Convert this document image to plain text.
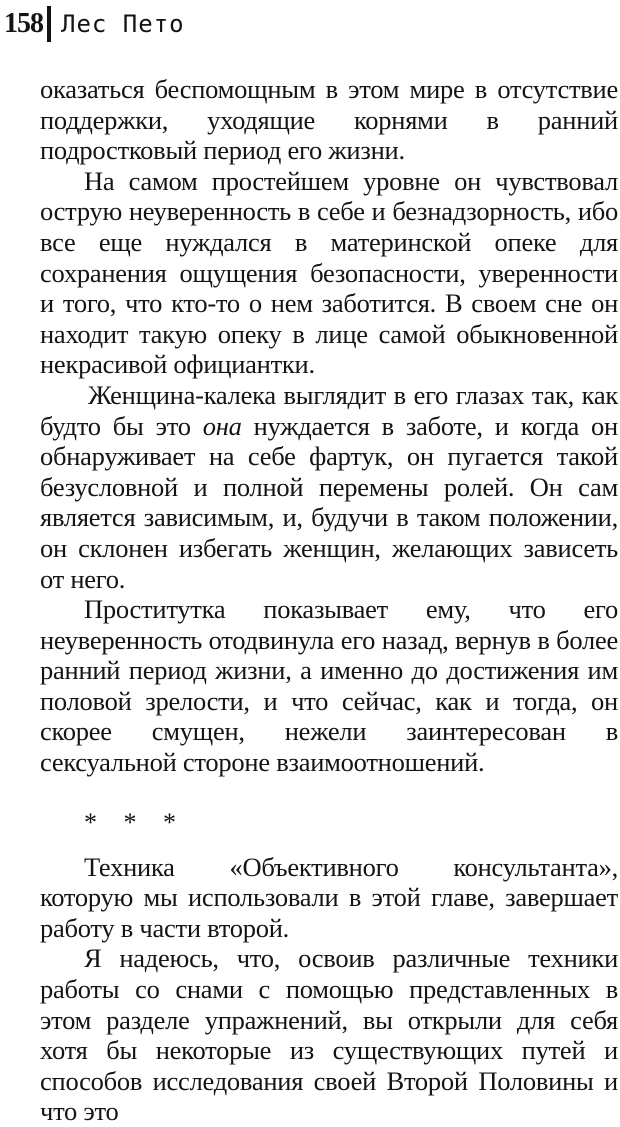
158 Лес Пето

оказаться беспомощным в этом мире в отсутствие поддержки, уходящие корнями в ранний подростковый период его жизни.

На самом простейшем уровне он чувствовал острую неуверенность в себе и безнадзорность, ибо все еще нуждался в материнской опеке для сохранения ощущения безопасности, уверенности и того, что кто-то о нем заботится. В своем сне он находит такую опеку в лице самой обыкновенной некрасивой официантки.

Женщина-калека выглядит в его глазах так, как будто бы это она нуждается в заботе, и когда он обнаруживает на себе фартук, он пугается такой безусловной и полной перемены ролей. Он сам является зависимым, и, будучи в таком положении, он склонен избегать женщин, желающих зависеть от него.

Проститутка показывает ему, что его неуверенность отодвинула его назад, вернув в более ранний период жизни, а именно до достижения им половой зрелости, и что сейчас, как и тогда, он скорее смущен, нежели заинтересован в сексуальной стороне взаимоотношений.

* * *

Техника «Объективного консультанта», которую мы использовали в этой главе, завершает работу в части второй.

Я надеюсь, что, освоив различные техники работы со снами с помощью представленных в этом разделе упражнений, вы открыли для себя хотя бы некоторые из существующих путей и способов исследования своей Второй Половины и что это
